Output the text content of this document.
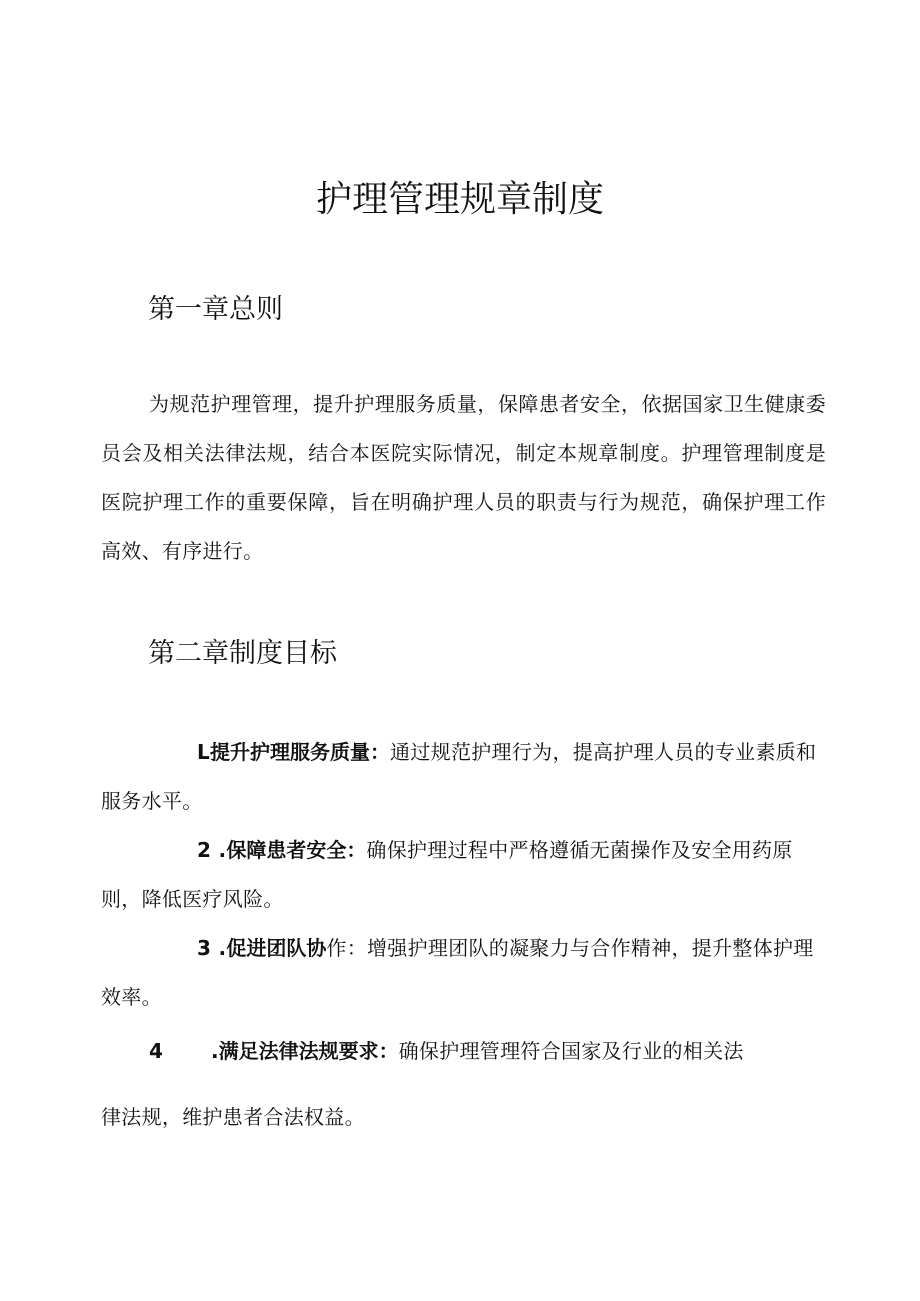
护理管理规章制度
第一章总则

为规范护理管理，提升护理服务质量，保障患者安全，依据国家卫生健康委员会及相关法律法规，结合本医院实际情况，制定本规章制度。护理管理制度是医院护理工作的重要保障，旨在明确护理人员的职责与行为规范，确保护理工作高效、有序进行。

第二章制度目标

L提升护理服务质量：通过规范护理行为，提高护理人员的专业素质和服务水平。

2 .保障患者安全：确保护理过程中严格遵循无菌操作及安全用药原则，降低医疗风险。

3 .促进团队协作：增强护理团队的凝聚力与合作精神，提升整体护理效率。

4 .满足法律法规要求：确保护理管理符合国家及行业的相关法

律法规，维护患者合法权益。
